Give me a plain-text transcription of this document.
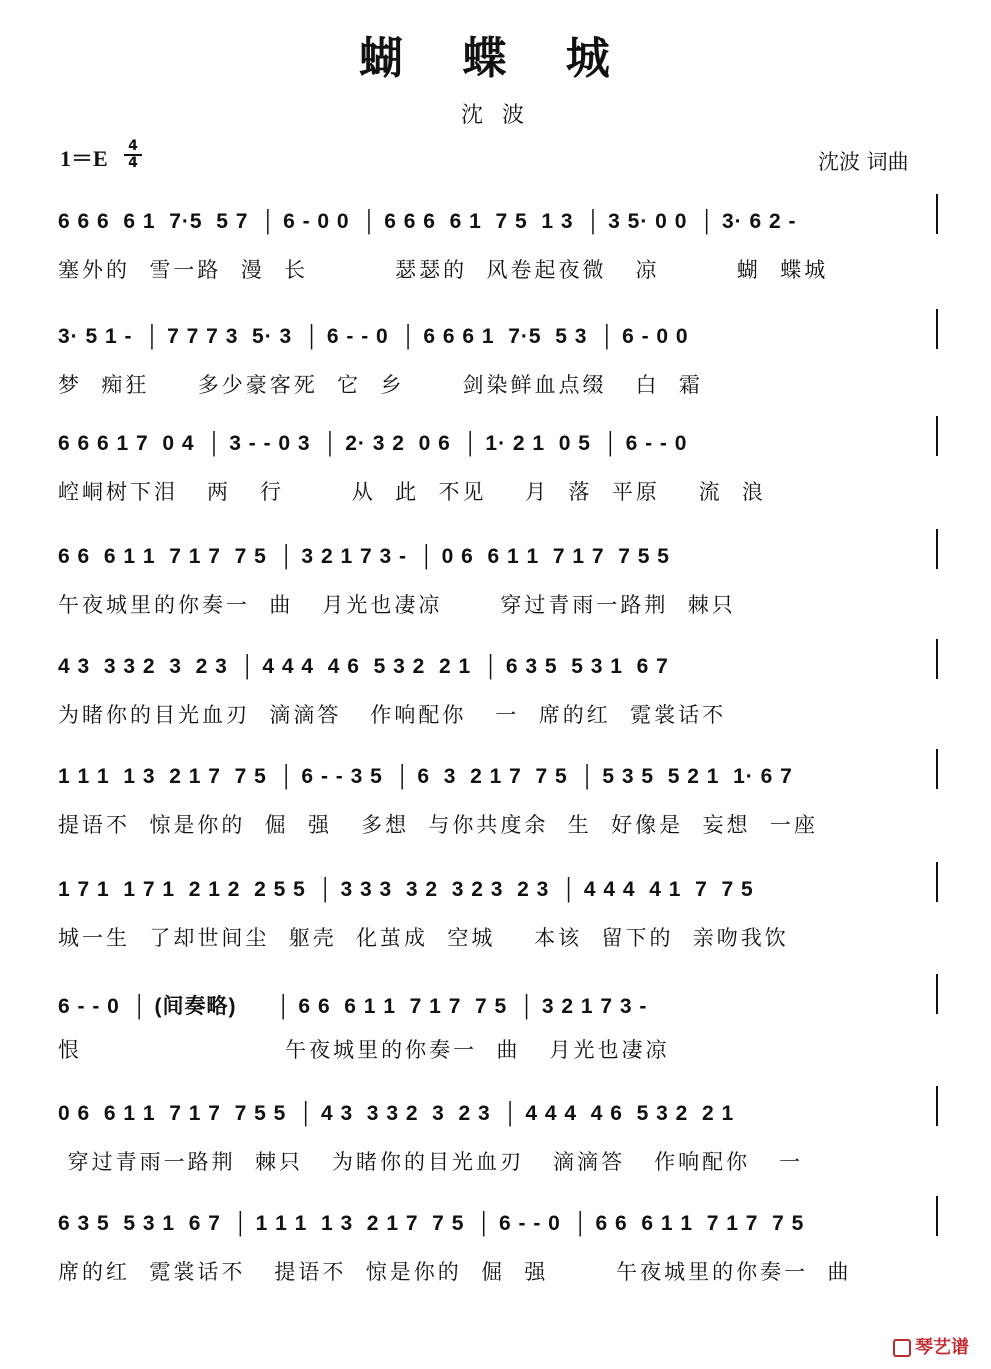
蝴 蝶 城
沈 波
1＝E 4
4	沈波 词曲
6 6 6  6 1  7·5  5 7  │ 6 - 0 0  │ 6 6 6  6 1  7 5  1 3  │ 3 5· 0 0  │ 3· 6 2 -
塞外的  雪一路  漫  长         瑟瑟的  风卷起夜微   凉        蝴  蝶城
3· 5 1 -  │ 7 7 7 3  5· 3  │ 6 - - 0  │ 6 6 6 1  7·5  5 3  │ 6 - 0 0
梦  痴狂     多少豪客死  它  乡      剑染鲜血点缀   白  霜
6 6 6 1 7  0 4  │ 3 - - 0 3  │ 2· 3 2  0 6  │ 1· 2 1  0 5  │ 6 - - 0
崆峒树下泪   两   行       从  此  不见    月  落  平原    流  浪
6 6  6 1 1  7 1 7  7 5  │ 3 2 1 7 3 -  │ 0 6  6 1 1  7 1 7  7 5 5
午夜城里的你奏一  曲   月光也凄凉      穿过青雨一路荆  棘只
4 3  3 3 2  3  2 3  │ 4 4 4  4 6  5 3 2  2 1  │ 6 3 5  5 3 1  6 7
为睹你的目光血刃  滴滴答   作响配你   一  席的红  霓裳话不
1 1 1  1 3  2 1 7  7 5  │ 6 - - 3 5  │ 6  3  2 1 7  7 5  │ 5 3 5  5 2 1  1· 6 7
提语不  惊是你的  倔  强   多想  与你共度余  生  好像是  妄想  一座
1 7 1  1 7 1  2 1 2  2 5 5  │ 3 3 3  3 2  3 2 3  2 3  │ 4 4 4  4 1  7  7 5
城一生  了却世间尘  躯壳  化茧成  空城    本该  留下的  亲吻我饮
6 - - 0  │ (间奏略)      │ 6 6  6 1 1  7 1 7  7 5  │ 3 2 1 7 3 -
恨                     午夜城里的你奏一  曲   月光也凄凉
0 6  6 1 1  7 1 7  7 5 5  │ 4 3  3 3 2  3  2 3  │ 4 4 4  4 6  5 3 2  2 1
穿过青雨一路荆  棘只   为睹你的目光血刃   滴滴答   作响配你   一
6 3 5  5 3 1  6 7  │ 1 1 1  1 3  2 1 7  7 5  │ 6 - - 0  │ 6 6  6 1 1  7 1 7  7 5
席的红  霓裳话不   提语不  惊是你的  倔  强       午夜城里的你奏一  曲
琴艺谱
